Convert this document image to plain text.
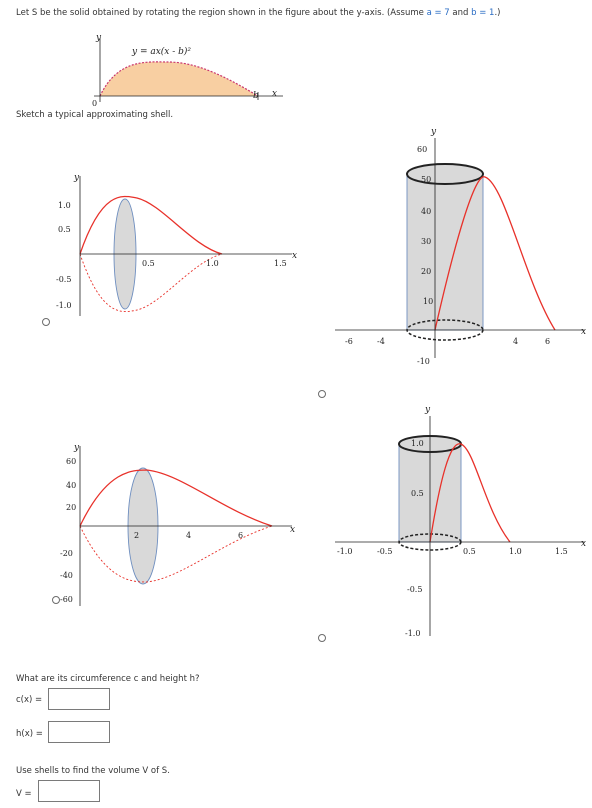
Let S be the solid obtained by rotating the region shown in the figure about the y-axis. (Assume a = 7 and b = 1.)
y
x
0
b
y = ax(x - b)²
Sketch a typical approximating shell.
y
x
1.0
0.5
-0.5
-1.0
0.5	1.0	1.5
y
x
60
50
40
30
20
10
-10
-6	-4	4	6
y
x
60
40
20
-20
-40
-60
2	4	6
y
x
1.0
0.5
-0.5
-1.0
-1.0	-0.5	0.5	1.0	1.5
What are its circumference c and height h?
c(x) =
h(x) =
Use shells to find the volume V of S.
V =
